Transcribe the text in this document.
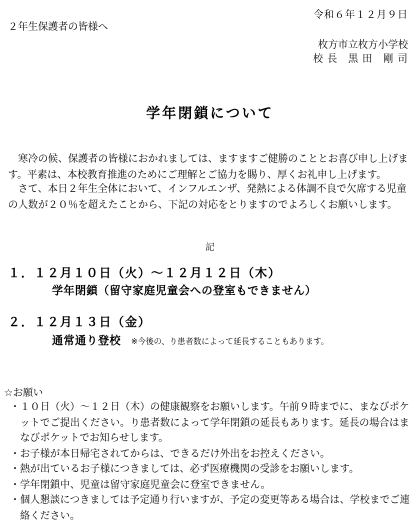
令和６年１２月９日
２年生保護者の皆様へ
枚方市立枚方小学校
校 長　黒 田　剛 司
学年閉鎖について
　寒冷の候、保護者の皆様におかれましては、ますますご健勝のこととお喜び申し上げます。平素は、本校教育推進のためにご理解とご協力を賜り、厚くお礼申し上げます。
　さて、本日２年生全体において、インフルエンザ、発熱による体調不良で欠席する児童の人数が２０％を超えたことから、下記の対応をとりますのでよろしくお願いします。
記
１．１２月１０日（火）～１２月１２日（木）
学年閉鎖（留守家庭児童会への登室もできません）
２．１２月１３日（金）
通常通り登校 ※今後の、り患者数によって延長することもあります。
☆お願い
・ １０日（火）～１２日（木）の健康観察をお願いします。午前９時までに、まなびポケットでご提出ください。り患者数によって学年閉鎖の延長もあります。延長の場合はまなびポケットでお知らせします。
・ お子様が本日帰宅されてからは、できるだけ外出をお控えください。
・ 熱が出ているお子様につきましては、必ず医療機関の受診をお願いします。
・ 学年閉鎖中、児童は留守家庭児童会に登室できません。
・ 個人懇談につきましては予定通り行いますが、予定の変更等ある場合は、学校までご連絡ください。
